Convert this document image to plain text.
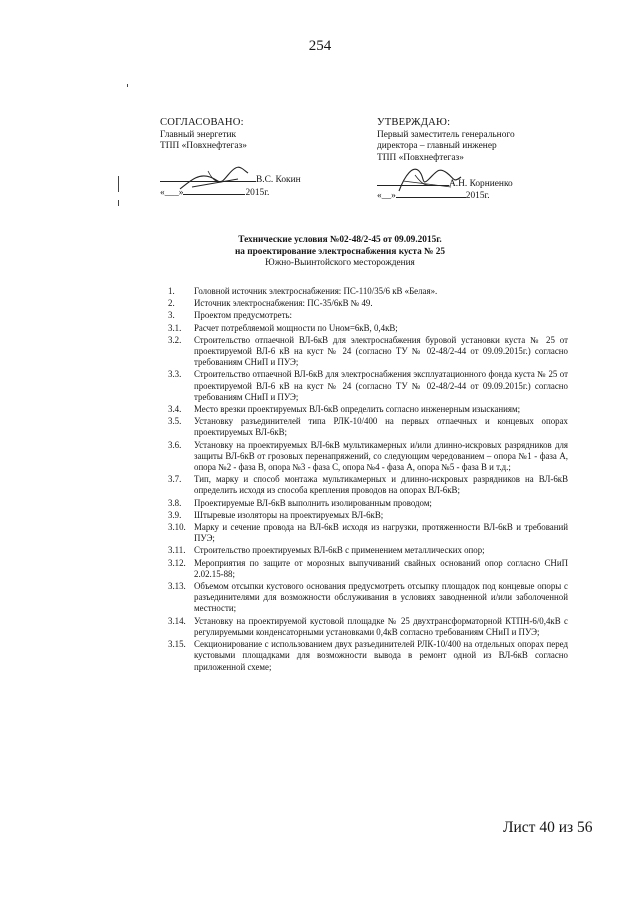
254
СОГЛАСОВАНО:
Главный энергетик
ТПП «Повхнефтегаз»
В.С. Кокин
«___»	2015г.
УТВЕРЖДАЮ:
Первый заместитель генерального
директора – главный инженер
ТПП «Повхнефтегаз»
А.Н. Корниенко
«__»	2015г.
Технические условия №02-48/2-45 от 09.09.2015г.
на проектирование электроснабжения куста № 25
Южно-Выинтойского месторождения
1.	Головной источник электроснабжения: ПС-110/35/6 кВ «Белая».
2.	Источник электроснабжения: ПС-35/6кВ № 49.
3.	Проектом предусмотреть:
3.1.	Расчет потребляемой мощности по Uном=6кВ, 0,4кВ;
3.2.	Строительство отпаечной ВЛ-6кВ для электроснабжения буровой установки куста № 25 от проектируемой ВЛ-6 кВ на куст № 24 (согласно ТУ № 02-48/2-44 от 09.09.2015г.) согласно требованиям СНиП и ПУЭ;
3.3.	Строительство отпаечной ВЛ-6кВ для электроснабжения эксплуатационного фонда куста № 25 от проектируемой ВЛ-6 кВ на куст № 24 (согласно ТУ № 02-48/2-44 от 09.09.2015г.) согласно требованиям СНиП и ПУЭ;
3.4.	Место врезки проектируемых ВЛ-6кВ определить согласно инженерным изысканиям;
3.5.	Установку разъединителей типа РЛК-10/400 на первых отпаечных и концевых опорах проектируемых ВЛ-6кВ;
3.6.	Установку на проектируемых ВЛ-6кВ мультикамерных и/или длинно-искровых разрядников для защиты ВЛ-6кВ от грозовых перенапряжений, со следующим чередованием – опора №1 - фаза А, опора №2 - фаза В, опора №3 - фаза С, опора №4 - фаза А, опора №5 - фаза В и т.д.;
3.7.	Тип, марку и способ монтажа мультикамерных и длинно-искровых разрядников на ВЛ-6кВ определить исходя из способа крепления проводов на опорах ВЛ-6кВ;
3.8.	Проектируемые ВЛ-6кВ выполнить изолированным проводом;
3.9.	Штыревые изоляторы на проектируемых ВЛ-6кВ;
3.10. Марку и сечение провода на ВЛ-6кВ исходя из нагрузки, протяженности ВЛ-6кВ и требований ПУЭ;
3.11. Строительство проектируемых ВЛ-6кВ с применением металлических опор;
3.12. Мероприятия по защите от морозных выпучиваний свайных оснований опор согласно СНиП 2.02.15-88;
3.13. Объемом отсыпки кустового основания предусмотреть отсыпку площадок под концевые опоры с разъединителями для возможности обслуживания в условиях заводненной и/или заболоченной местности;
3.14. Установку на проектируемой кустовой площадке № 25 двухтрансформаторной КТПН-6/0,4кВ с регулируемыми конденсаторными установками 0,4кВ согласно требованиям СНиП и ПУЭ;
3.15. Секционирование с использованием двух разъединителей РЛК-10/400 на отдельных опорах перед кустовыми площадками для возможности вывода в ремонт одной из ВЛ-6кВ согласно приложенной схеме;
Лист 40 из 56
